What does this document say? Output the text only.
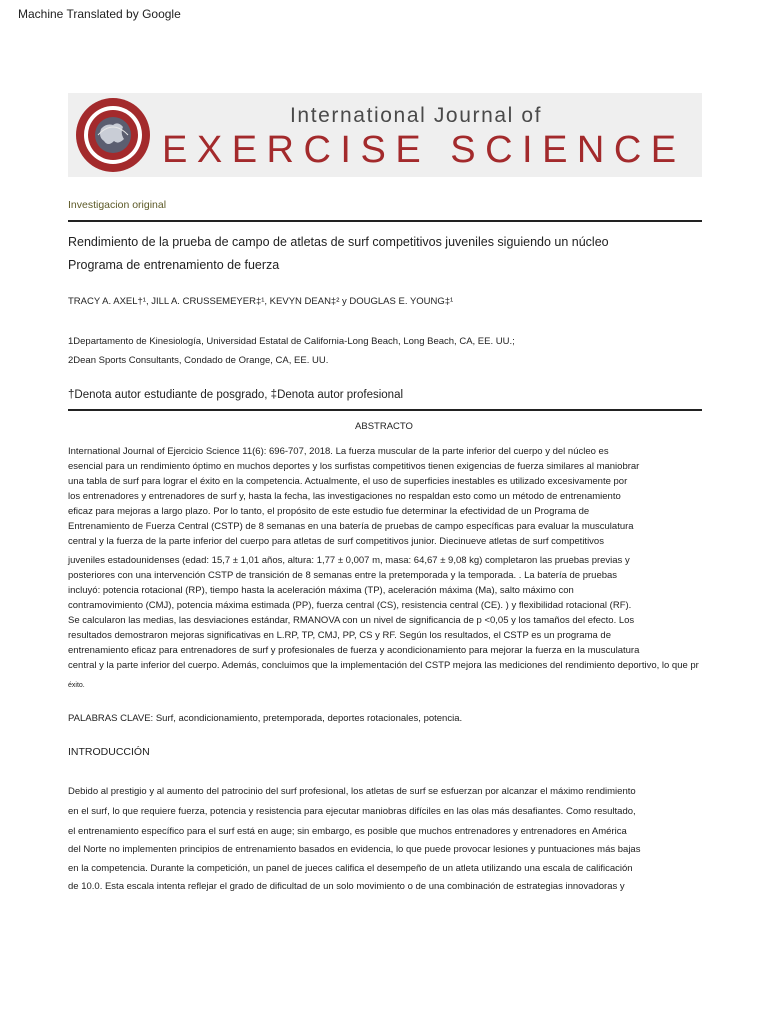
Machine Translated by Google
International Journal of
EXERCISE SCIENCE
Investigacion original
Rendimiento de la prueba de campo de atletas de surf competitivos juveniles siguiendo un núcleo
Programa de entrenamiento de fuerza
TRACY A. AXEL†¹, JILL A. CRUSSEMEYER‡¹, KEVYN DEAN‡² y DOUGLAS E. YOUNG‡¹
1Departamento de Kinesiología, Universidad Estatal de California-Long Beach, Long Beach, CA, EE. UU.;
2Dean Sports Consultants, Condado de Orange, CA, EE. UU.
†Denota autor estudiante de posgrado, ‡Denota autor profesional
ABSTRACTO
International Journal of Ejercicio Science 11(6): 696-707, 2018. La fuerza muscular de la parte inferior del cuerpo y del núcleo es
esencial para un rendimiento óptimo en muchos deportes y los surfistas competitivos tienen exigencias de fuerza similares al maniobrar
una tabla de surf para lograr el éxito en la competencia. Actualmente, el uso de superficies inestables es utilizado excesivamente por
los entrenadores y entrenadores de surf y, hasta la fecha, las investigaciones no respaldan esto como un método de entrenamiento
eficaz para mejoras a largo plazo. Por lo tanto, el propósito de este estudio fue determinar la efectividad de un Programa de
Entrenamiento de Fuerza Central (CSTP) de 8 semanas en una batería de pruebas de campo específicas para evaluar la musculatura
central y la fuerza de la parte inferior del cuerpo para atletas de surf competitivos junior. Diecinueve atletas de surf competitivos
juveniles estadounidenses (edad: 15,7 ± 1,01 años, altura: 1,77 ± 0,007 m, masa: 64,67 ± 9,08 kg) completaron las pruebas previas y
posteriores con una intervención CSTP de transición de 8 semanas entre la pretemporada y la temporada. . La batería de pruebas
incluyó: potencia rotacional (RP), tiempo hasta la aceleración máxima (TP), aceleración máxima (Ma), salto máximo con
contramovimiento (CMJ), potencia máxima estimada (PP), fuerza central (CS), resistencia central (CE). ) y flexibilidad rotacional (RF).
Se calcularon las medias, las desviaciones estándar, RMANOVA con un nivel de significancia de p <0,05 y los tamaños del efecto. Los
resultados demostraron mejoras significativas en L.RP, TP, CMJ, PP, CS y RF. Según los resultados, el CSTP es un programa de
entrenamiento eficaz para entrenadores de surf y profesionales de fuerza y acondicionamiento para mejorar la fuerza en la musculatura
central y la parte inferior del cuerpo. Además, concluimos que la implementación del CSTP mejora las mediciones del rendimiento deportivo, lo que pr
éxito.
PALABRAS CLAVE: Surf, acondicionamiento, pretemporada, deportes rotacionales, potencia.
INTRODUCCIÓN
Debido al prestigio y al aumento del patrocinio del surf profesional, los atletas de surf se esfuerzan por alcanzar el máximo rendimiento
en el surf, lo que requiere fuerza, potencia y resistencia para ejecutar maniobras difíciles en las olas más desafiantes. Como resultado,
el entrenamiento específico para el surf está en auge; sin embargo, es posible que muchos entrenadores y entrenadores en América
del Norte no implementen principios de entrenamiento basados en evidencia, lo que puede provocar lesiones y puntuaciones más bajas
en la competencia. Durante la competición, un panel de jueces califica el desempeño de un atleta utilizando una escala de calificación
de 10.0. Esta escala intenta reflejar el grado de dificultad de un solo movimiento o de una combinación de estrategias innovadoras y
